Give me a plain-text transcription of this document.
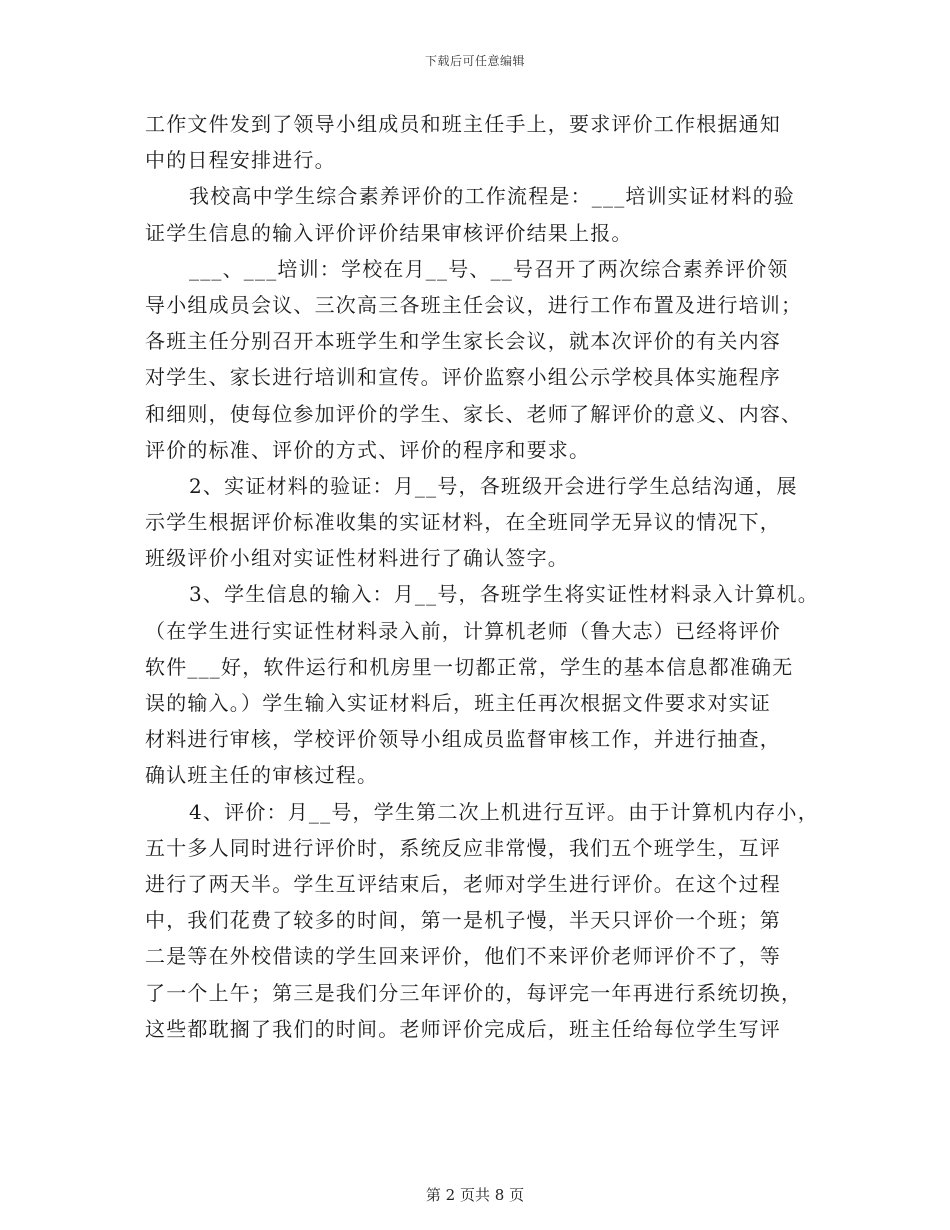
下载后可任意编辑
工作文件发到了领导小组成员和班主任手上，要求评价工作根据通知
中的日程安排进行。
我校高中学生综合素养评价的工作流程是：___培训实证材料的验
证学生信息的输入评价评价结果审核评价结果上报。
___、___培训：学校在月__号、__号召开了两次综合素养评价领
导小组成员会议、三次高三各班主任会议，进行工作布置及进行培训；
各班主任分别召开本班学生和学生家长会议，就本次评价的有关内容
对学生、家长进行培训和宣传。评价监察小组公示学校具体实施程序
和细则，使每位参加评价的学生、家长、老师了解评价的意义、内容、
评价的标准、评价的方式、评价的程序和要求。
2、实证材料的验证：月__号，各班级开会进行学生总结沟通，展
示学生根据评价标准收集的实证材料，在全班同学无异议的情况下，
班级评价小组对实证性材料进行了确认签字。
3、学生信息的输入：月__号，各班学生将实证性材料录入计算机。
（在学生进行实证性材料录入前，计算机老师（鲁大志）已经将评价
软件___好，软件运行和机房里一切都正常，学生的基本信息都准确无
误的输入。）学生输入实证材料后，班主任再次根据文件要求对实证
材料进行审核，学校评价领导小组成员监督审核工作，并进行抽查，
确认班主任的审核过程。
4、评价：月__号，学生第二次上机进行互评。由于计算机内存小，
五十多人同时进行评价时，系统反应非常慢，我们五个班学生，互评
进行了两天半。学生互评结束后，老师对学生进行评价。在这个过程
中，我们花费了较多的时间，第一是机子慢，半天只评价一个班；第
二是等在外校借读的学生回来评价，他们不来评价老师评价不了，等
了一个上午；第三是我们分三年评价的，每评完一年再进行系统切换，
这些都耽搁了我们的时间。老师评价完成后，班主任给每位学生写评
第 2 页共 8 页
